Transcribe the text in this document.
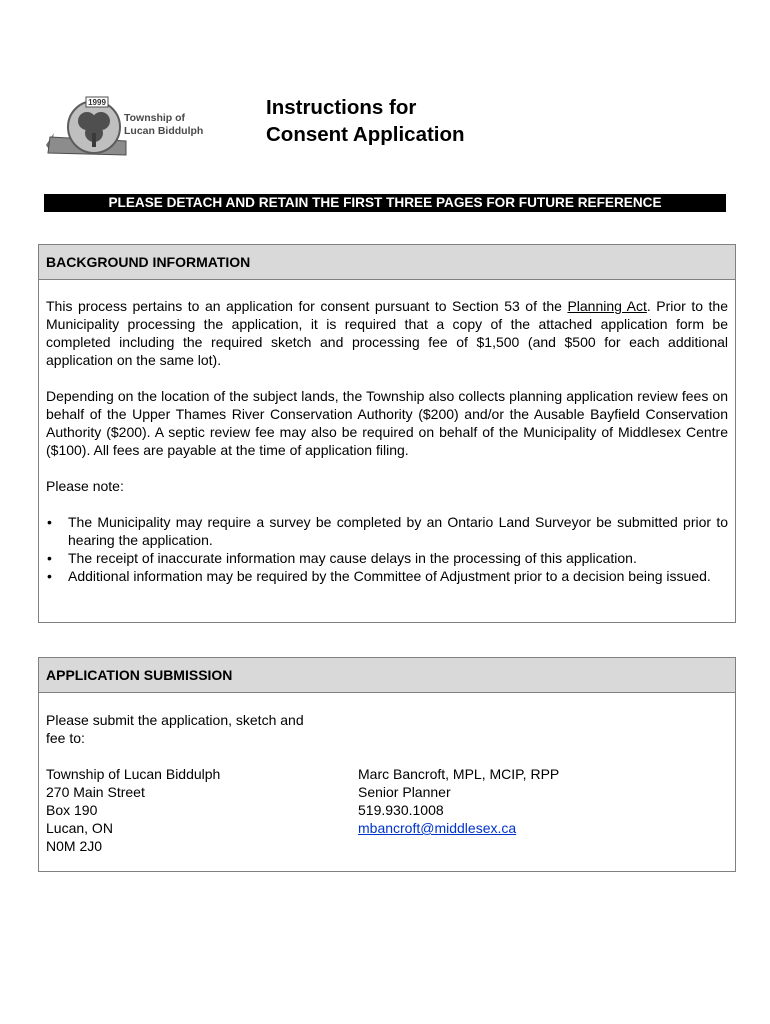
1999
Township of
Lucan Biddulph
Instructions for
Consent Application
PLEASE DETACH AND RETAIN THE FIRST THREE PAGES FOR FUTURE REFERENCE
BACKGROUND INFORMATION

This process pertains to an application for consent pursuant to Section 53 of the Planning Act. Prior to the Municipality processing the application, it is required that a copy of the attached application form be completed including the required sketch and processing fee of $1,500 (and $500 for each additional application on the same lot).

Depending on the location of the subject lands, the Township also collects planning application review fees on behalf of the Upper Thames River Conservation Authority ($200) and/or the Ausable Bayfield Conservation Authority ($200). A septic review fee may also be required on behalf of the Municipality of Middlesex Centre ($100). All fees are payable at the time of application filing.

Please note:

• The Municipality may require a survey be completed by an Ontario Land Surveyor be submitted prior to hearing the application.
• The receipt of inaccurate information may cause delays in the processing of this application.
• Additional information may be required by the Committee of Adjustment prior to a decision being issued.
APPLICATION SUBMISSION
Please submit the application, sketch and
fee to:
Township of Lucan Biddulph
270 Main Street
Box 190
Lucan, ON
N0M 2J0
Marc Bancroft, MPL, MCIP, RPP
Senior Planner
519.930.1008
mbancroft@middlesex.ca
